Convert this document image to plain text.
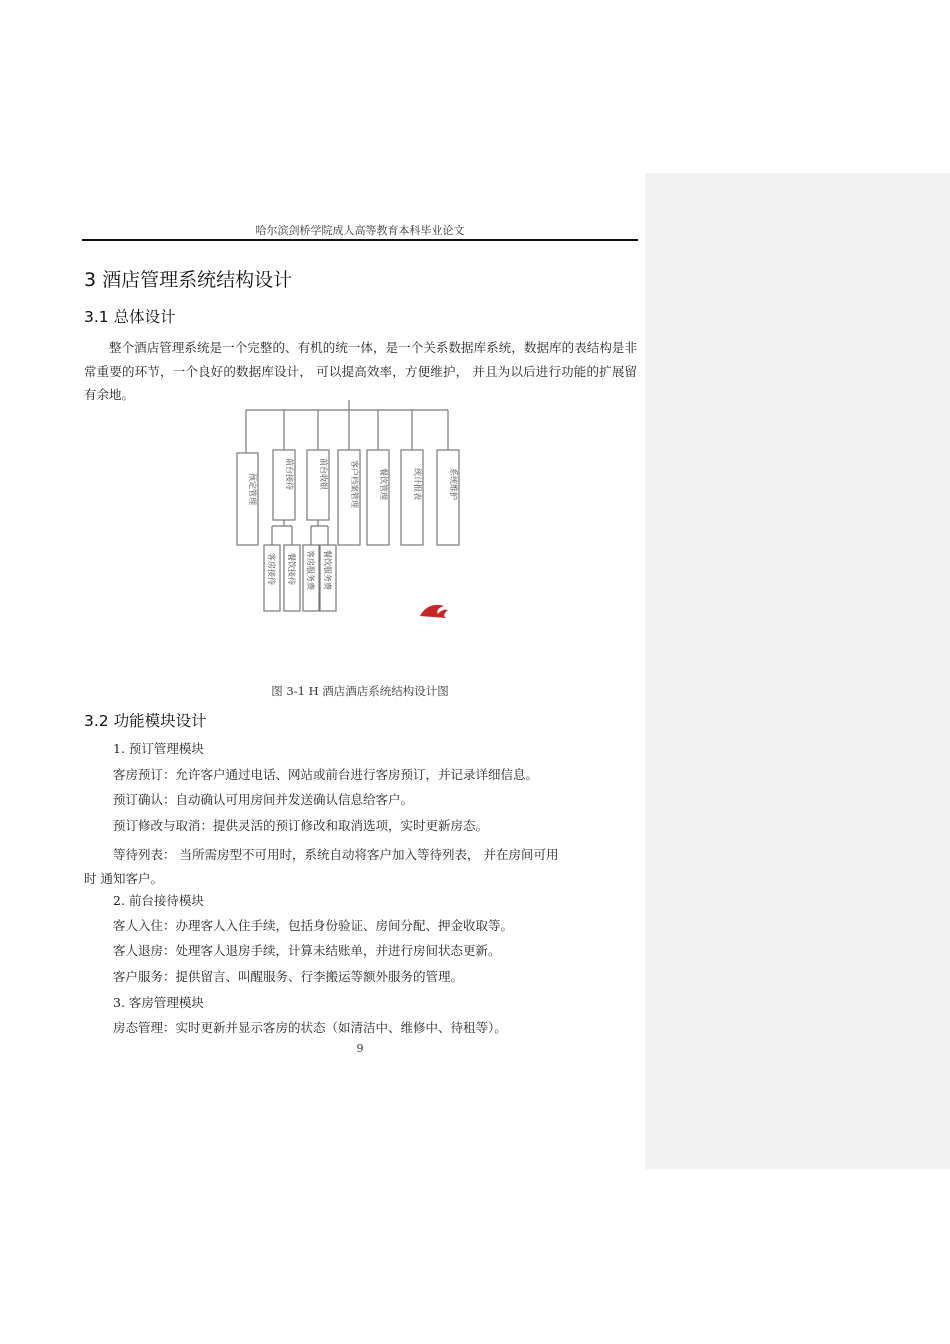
哈尔滨剑桥学院成人高等教育本科毕业论文
3 酒店管理系统结构设计
3.1 总体设计
整个酒店管理系统是一个完整的、有机的统一体，是一个关系数据库系统，数据库的表结构是非常重要的环节，一个良好的数据库设计， 可以提高效率，方便维护， 并且为以后进行功能的扩展留有余地。
预定管理	前台接待	前台收银	客户档案管理	餐饮管理	统计报表	系统维护
客房接待 餐饮接待 客房服务费 餐饮服务费
图 3-1 H 酒店酒店系统结构设计图
3.2 功能模块设计
1. 预订管理模块
客房预订：允许客户通过电话、网站或前台进行客房预订，并记录详细信息。
预订确认：自动确认可用房间并发送确认信息给客户。
预订修改与取消：提供灵活的预订修改和取消选项，实时更新房态。
等待列表： 当所需房型不可用时，系统自动将客户加入等待列表， 并在房间可用
时 通知客户。
2. 前台接待模块
客人入住：办理客人入住手续，包括身份验证、房间分配、押金收取等。
客人退房：处理客人退房手续，计算未结账单，并进行房间状态更新。
客户服务：提供留言、叫醒服务、行李搬运等额外服务的管理。
3. 客房管理模块
房态管理：实时更新并显示客房的状态（如清洁中、维修中、待租等）。
9
